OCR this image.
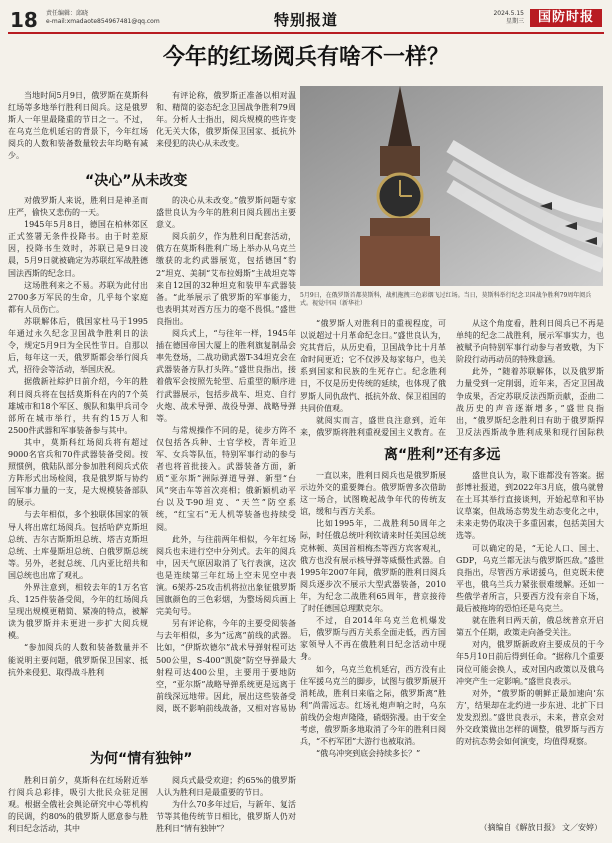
18 责任编辑：邱晓
e-mail:xmadaote854967481@qq.com	特别报道	2024.5.15
星期三	国防时报
今年的红场阅兵有啥不一样？

当地时间5月9日，俄罗斯在莫斯科红场等多地举行胜利日阅兵。这是俄罗斯人一年里最隆重的节日之一。不过，在乌克兰危机延宕的背景下，今年红场阅兵的人数和装备数量较去年均略有减少。

有评论称，俄罗斯正准备以相对温和、精简的姿态纪念卫国战争胜利79周年。分析人士指出，阅兵规模的些许变化无关大体，俄罗斯保卫国家、抵抗外来侵犯的决心从未改变。

“决心”从未改变

对俄罗斯人来说，胜利日是神圣而庄严，偷快又悲伤的一天。

1945年5月8日，德国在柏林郊区正式签署无条件投降书。由于时差原因，投降书生效时，苏联已是9日凌晨，5月9日就被确定为苏联红军战胜德国法西斯的纪念日。

这场胜利来之不易。苏联为此付出2700多万军民的生命，几乎每个家庭都有人员伤亡。

苏联解体后，俄国家杜马于1995年通过永久纪念卫国战争胜利日的法令，规定5月9日为全民性节日。自那以后，每年这一天，俄罗斯都会举行阅兵式，招待会等活动，举国庆祝。

据俄新社綜护日前介绍，今年的胜利日阅兵将在包括莫斯科在内的7个英雄城市和18个军区、舰队和集甲兵司令部所在城市举行，共有约15万人和2500件武器和军事装备参与其中。

其中，莫斯科红场阅兵将有超过9000名官兵和70件武器装备受阅。按照惯例，俄陆队部分参加胜利阅兵式依方阵形式出场检阅，我是俄罗斯与协约国军事力量的一支，是大规模装备部队的展示。

与去年相似，多个独联体国家的领导人将出席红场阅兵。包括哈萨克斯坦总统、吉尔吉斯斯坦总统、塔吉克斯坦总统、土库曼斯坦总统、白俄罗斯总统等。另外，老挝总统、几内亚比绍共和国总统也出席了观礼。

外界注意到，相较去年的1万名官兵、125件装备受阅，今年的红场阅兵呈现出规模更精简、紧凑的特点，被解读为俄罗斯并未更进一步扩大阅兵规模。

“参加阅兵的人数和装备数量并不能说明主要问题，俄罗斯保卫国家、抵抗外来侵犯、取得战斗胜利

的决心从未改变。”俄罗斯问题专家盛世良认为今年的胜利日阅兵圆出主要意义。

阅兵前夕，作为胜利日配套活动，俄方在莫斯科胜利广场上举办从乌克兰缴获的北约武器展览，包括德国“豹2”坦克、美制“艾布拉姆斯”主战坦克等来自12国的32种坦克和装甲车武器装备。“此举展示了俄罗斯的军事能力，也表明其对西方压力的毫不畏惧。”盛世良指出。

阅兵式上，“与往年一样，1945年插在德国帝国大厦上的胜利旗复制品会率先登场，二战功勋武器T-34坦克会在武器装备方队打头阵。”盛世良指出，接着俄军会按照先轮型、后重型的顺序进行武器展示，包括步战车、坦克、自行火炮、战术导弹、战役导弹、战略导弹等。

与常规操作不同的是，徒步方阵不仅包括各兵种、士官学校，青年近卫军、女兵等队伍，特别军事行动的参与者也将首批接入。武器装备方面，新质“亚尔斯”洲际弹道导弹、新型“台风”突击车等首次亮相；俄新颖机动平台以及T-90坦克、“天竺”防空系统，“红宝石”无人机等装备也持续受阅。

此外，与往前两年相似，今年红场阅兵也未进行空中分列式。去年的阅兵中，因天气原因取消了飞行表演，这次也是连续第三年红场上空未见空中表演。6架苏-25攻击机将拉出象征俄罗斯国旗颜色的三色彩烟，为整场阅兵画上完美句号。

另有评论称，今年的主要受阅装备与去年相似，多为“远离”前线的武器。比如，“伊斯坎德尔”战术导弹射程可达500公里，S-400“凯旋”防空导弹最大射程可达400公里，主要用于要地防空，“亚尔斯”战略导弹系统更是远离于前线深远地带。因此，展出这些装备受阅，既不影响前线战备，又相对容易协

5月9日，在俄罗斯首都莫斯科，战机拖拽三色彩烟飞过红场。当日，莫斯科举行纪念卫国战争胜利79周年阅兵式。视觉中国（新华社）

“俄罗斯人对胜利日的重视程度，可以说超过十月革命纪念日。”盛世良认为，究其背后，从历史看，卫国战争比十月革命时间更近；它不仅涉及每家每户，也关系到国家和民族的生死存亡。纪念胜利日，不仅是历史传统的延续，也体现了俄罗斯人同仇敌忾、抵抗外敌、保卫祖国的共同价值观。

就阅实而言，盛世良注意到，近年来，俄罗斯将胜利重视爱国主义教育。在

从这个角度看，胜利日阅兵已不再是单纯的纪念二战胜利，展示军事实力，也被赋予向特别军事行动参与者致敬，为下阶段行动再动员的特殊意涵。

此外，“随着苏联解体，以及俄罗斯力量受到一定削弱，近年来，否定卫国战争成果，否定苏联反法西斯贡献，歪曲二战历史的声音逐渐增多，”盛世良指出，“俄罗斯纪念胜利日有助于俄罗斯捍卫反法西斯战争胜利成果和现行国际秩

离“胜利”还有多远

一直以来，胜利日阅兵也是俄罗斯展示边外交的重要舞台。俄罗斯曾多次借助这一场合，试图晚起战争年代的传统友谊，缓和与西方关系。

比如1995年，二战胜利50周年之际，时任俄总统叶利钦请来时任美国总统克林顿、英国首相梅杰等西方宾客观礼，俄方也没有展示核导弹等威慑性武器。自1995年2007年间，俄罗斯的胜利日阅兵阅兵逐步次不展示大型武器装备，2010年，为纪念二战胜利65周年，普京接待了时任德国总理默克尔。

不过，自2014年乌克兰危机爆发后，俄罗斯与西方关系全面走低，西方国家领导人不再在俄胜利日纪念活动中现身。

如今，乌克兰危机延宕，西方没有止住军援乌克兰的脚步，试图与俄罗斯展开消耗战，胜利日来临之际，俄罗斯离“胜利”尚需远志。红场礼炮声响之时，乌东前线仍会炮声隆隆，硝烟弥漫。由于安全考虑，俄罗斯多地取消了今年的胜利日阅兵，“不朽军团”大游行也被取消。

“俄乌冲突到底会持续多长？”

盛世良认为，取下谁都没有答案。据彭博社报道，到2022年3月底，俄乌就曾在土耳其举行直接谈判，开始起草和平协议草案，但战场态势发生动态变化之中，未来走势仍取决于多重因素，包括美国大选等。

可以确定的是，“无论人口、国土、GDP，乌克兰都无法与俄罗斯匹敌。”盛世良指出，尽管西方承诺援乌，但克既未使平也，俄乌兰兵力紧张很难缓解。还如一些俄学者所言，只要西方没有亲自下场，最后被拖垮的恐怕还是乌克兰。

就在胜利日两天前，俄总统普京开启第五个任期，政策走向备受关注。

对内，俄罗斯新政府主要成员的于今年5月10日前后得到任命。“据称几个重要岗位可能会换人，或对国内政策以及俄乌冲突产生一定影响。”盛世良表示。

对外，“俄罗斯的朝鲜正最加速向‘东方’，结果却在北约进一步东进、北扩下日发发烈烈。”盛世良表示，未来，普京会对外交政策做出怎样的调整，俄罗斯与西方的对抗态势会如何演变，均值得观察。

为何“情有独钟”

胜利日前夕，莫斯科在红场附近举行阅兵总彩排，吸引大批民众驻足围观。根据全俄社会舆论研究中心等机构的民调，约80%的俄罗斯人愿意参与胜利日纪念活动，其中

阅兵式最受欢迎；约65%的俄罗斯人认为胜利日是最重要的节日。

为什么70多年过后，与新年、复活节等其他传统节日相比，俄罗斯人仍对胜利日“情有独钟”？	（摘编自《解放日报》 文／安婷）
